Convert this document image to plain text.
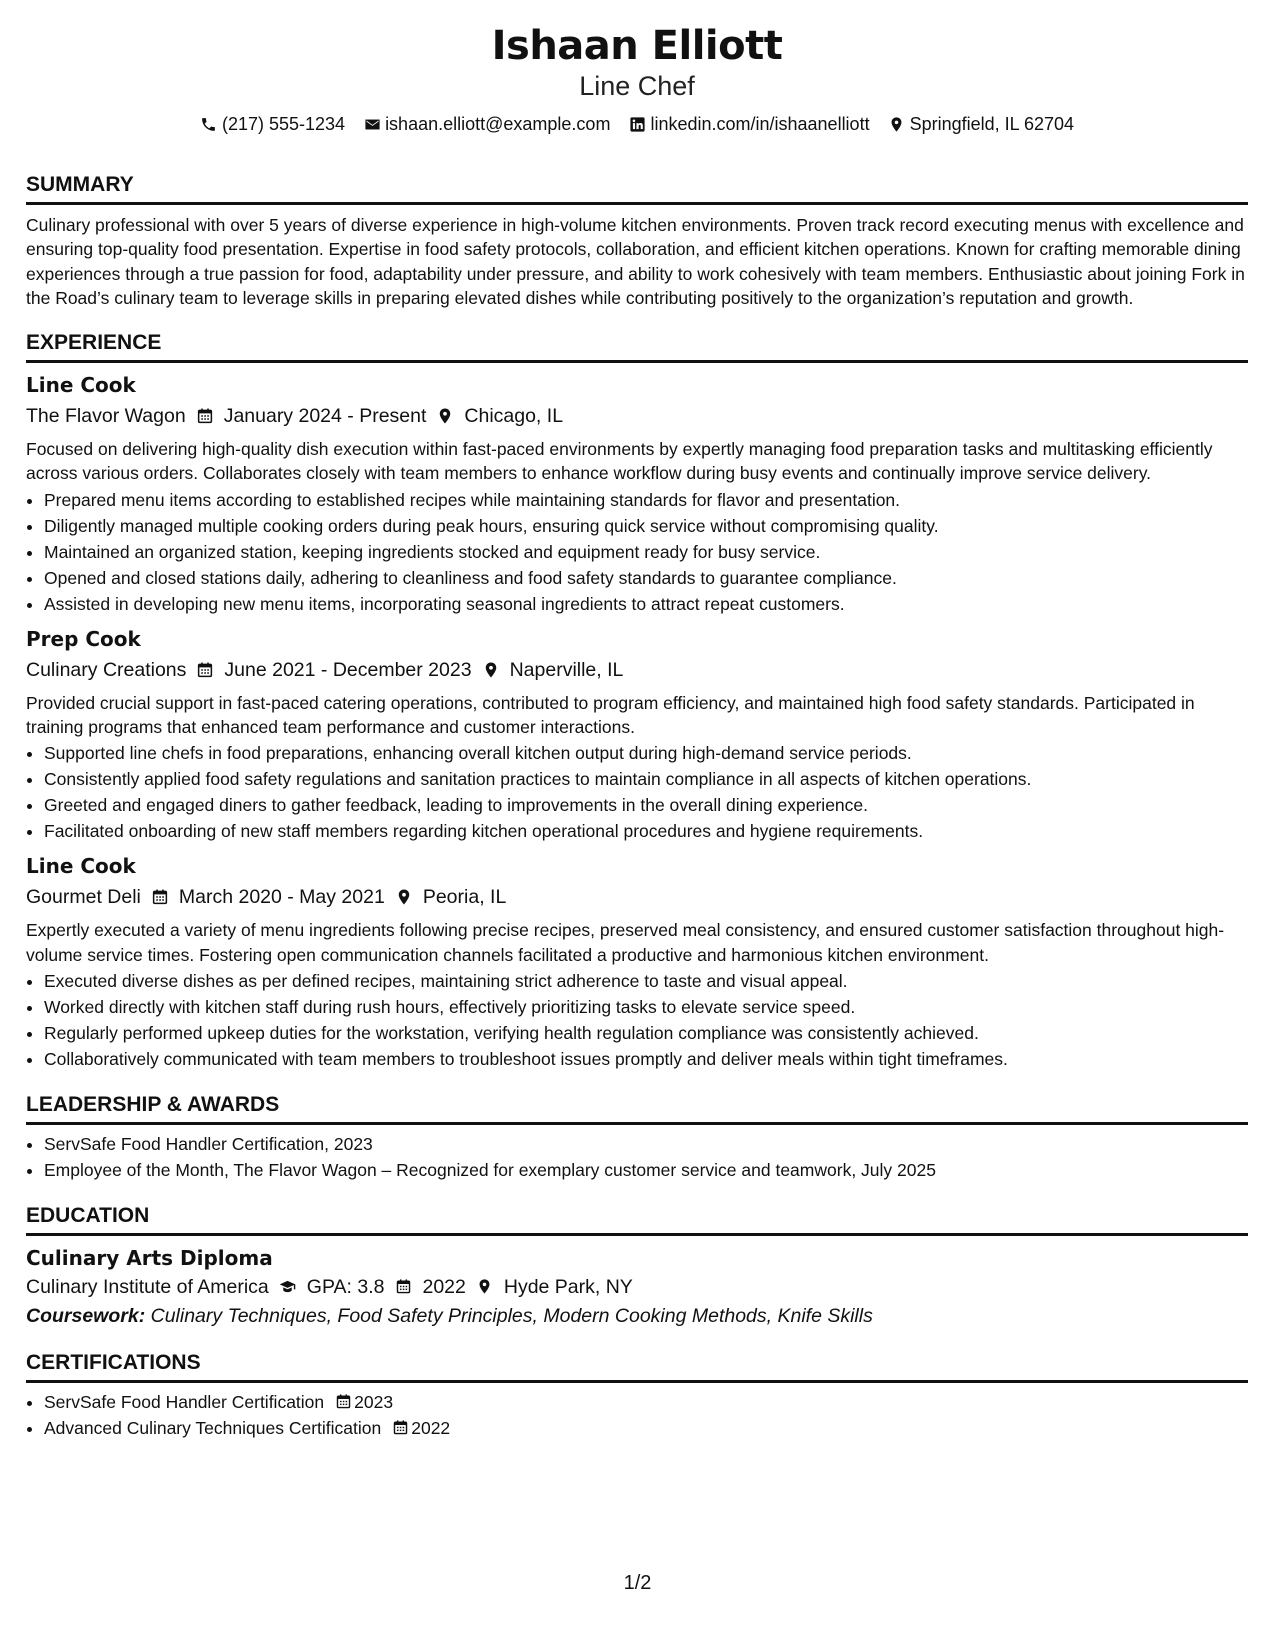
Ishaan Elliott
Line Chef
(217) 555-1234 ishaan.elliott@example.com linkedin.com/in/ishaanelliott Springfield, IL 62704
SUMMARY
Culinary professional with over 5 years of diverse experience in high-volume kitchen environments. Proven track record executing menus with excellence and ensuring top-quality food presentation. Expertise in food safety protocols, collaboration, and efficient kitchen operations. Known for crafting memorable dining experiences through a true passion for food, adaptability under pressure, and ability to work cohesively with team members. Enthusiastic about joining Fork in the Road’s culinary team to leverage skills in preparing elevated dishes while contributing positively to the organization’s reputation and growth.
EXPERIENCE
Line Cook
The Flavor Wagon January 2024 - Present Chicago, IL
Focused on delivering high-quality dish execution within fast-paced environments by expertly managing food preparation tasks and multitasking efficiently across various orders. Collaborates closely with team members to enhance workflow during busy events and continually improve service delivery.
• Prepared menu items according to established recipes while maintaining standards for flavor and presentation.
• Diligently managed multiple cooking orders during peak hours, ensuring quick service without compromising quality.
• Maintained an organized station, keeping ingredients stocked and equipment ready for busy service.
• Opened and closed stations daily, adhering to cleanliness and food safety standards to guarantee compliance.
• Assisted in developing new menu items, incorporating seasonal ingredients to attract repeat customers.
Prep Cook
Culinary Creations June 2021 - December 2023 Naperville, IL
Provided crucial support in fast-paced catering operations, contributed to program efficiency, and maintained high food safety standards. Participated in training programs that enhanced team performance and customer interactions.
• Supported line chefs in food preparations, enhancing overall kitchen output during high-demand service periods.
• Consistently applied food safety regulations and sanitation practices to maintain compliance in all aspects of kitchen operations.
• Greeted and engaged diners to gather feedback, leading to improvements in the overall dining experience.
• Facilitated onboarding of new staff members regarding kitchen operational procedures and hygiene requirements.
Line Cook
Gourmet Deli March 2020 - May 2021 Peoria, IL
Expertly executed a variety of menu ingredients following precise recipes, preserved meal consistency, and ensured customer satisfaction throughout high-volume service times. Fostering open communication channels facilitated a productive and harmonious kitchen environment.
• Executed diverse dishes as per defined recipes, maintaining strict adherence to taste and visual appeal.
• Worked directly with kitchen staff during rush hours, effectively prioritizing tasks to elevate service speed.
• Regularly performed upkeep duties for the workstation, verifying health regulation compliance was consistently achieved.
• Collaboratively communicated with team members to troubleshoot issues promptly and deliver meals within tight timeframes.
LEADERSHIP & AWARDS
• ServSafe Food Handler Certification, 2023
• Employee of the Month, The Flavor Wagon – Recognized for exemplary customer service and teamwork, July 2025
EDUCATION
Culinary Arts Diploma
Culinary Institute of America GPA: 3.8 2022 Hyde Park, NY
Coursework: Culinary Techniques, Food Safety Principles, Modern Cooking Methods, Knife Skills
CERTIFICATIONS
• ServSafe Food Handler Certification 2023
• Advanced Culinary Techniques Certification 2022
1/2
